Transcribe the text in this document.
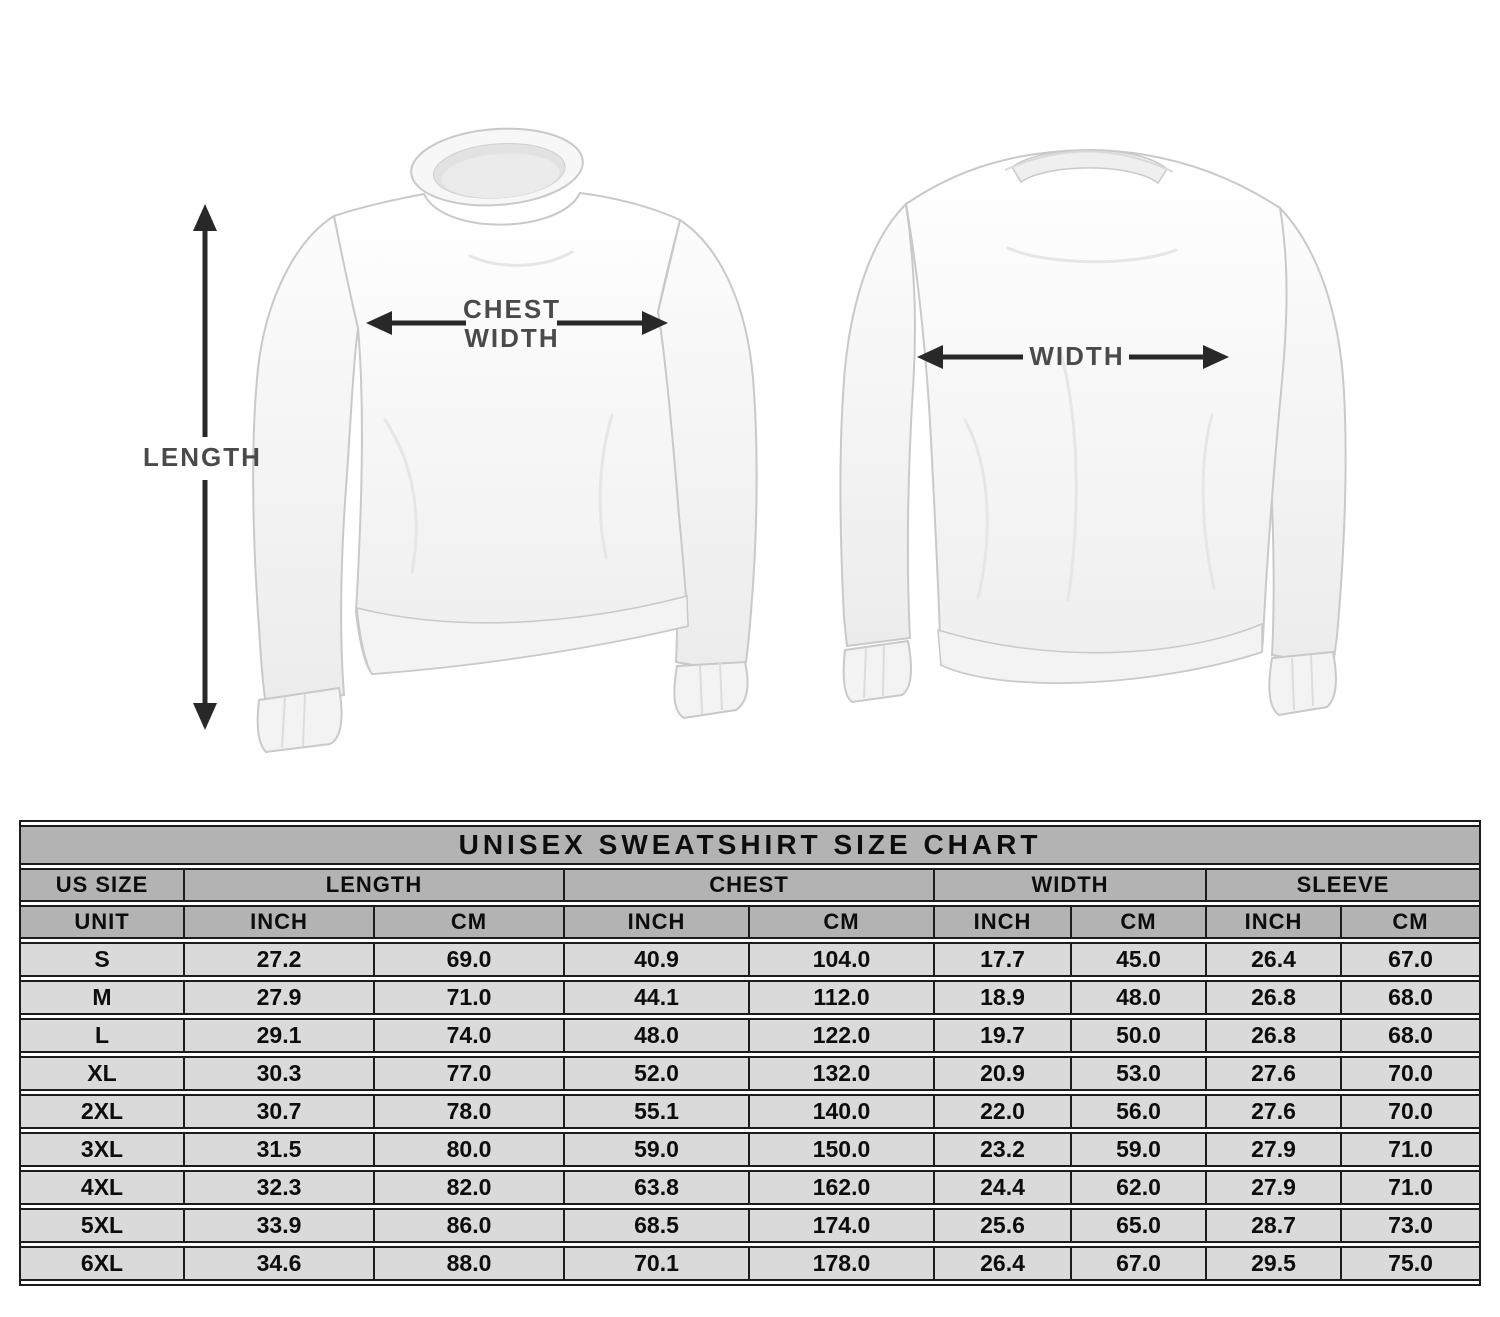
LENGTH
CHEST
WIDTH
WIDTH
UNISEX SWEATSHIRT SIZE CHART								
US SIZE	LENGTH		CHEST		WIDTH		SLEEVE	
UNIT	INCH	CM	INCH	CM	INCH	CM	INCH	CM
S	27.2	69.0	40.9	104.0	17.7	45.0	26.4	67.0
M	27.9	71.0	44.1	112.0	18.9	48.0	26.8	68.0
L	29.1	74.0	48.0	122.0	19.7	50.0	26.8	68.0
XL	30.3	77.0	52.0	132.0	20.9	53.0	27.6	70.0
2XL	30.7	78.0	55.1	140.0	22.0	56.0	27.6	70.0
3XL	31.5	80.0	59.0	150.0	23.2	59.0	27.9	71.0
4XL	32.3	82.0	63.8	162.0	24.4	62.0	27.9	71.0
5XL	33.9	86.0	68.5	174.0	25.6	65.0	28.7	73.0
6XL	34.6	88.0	70.1	178.0	26.4	67.0	29.5	75.0
